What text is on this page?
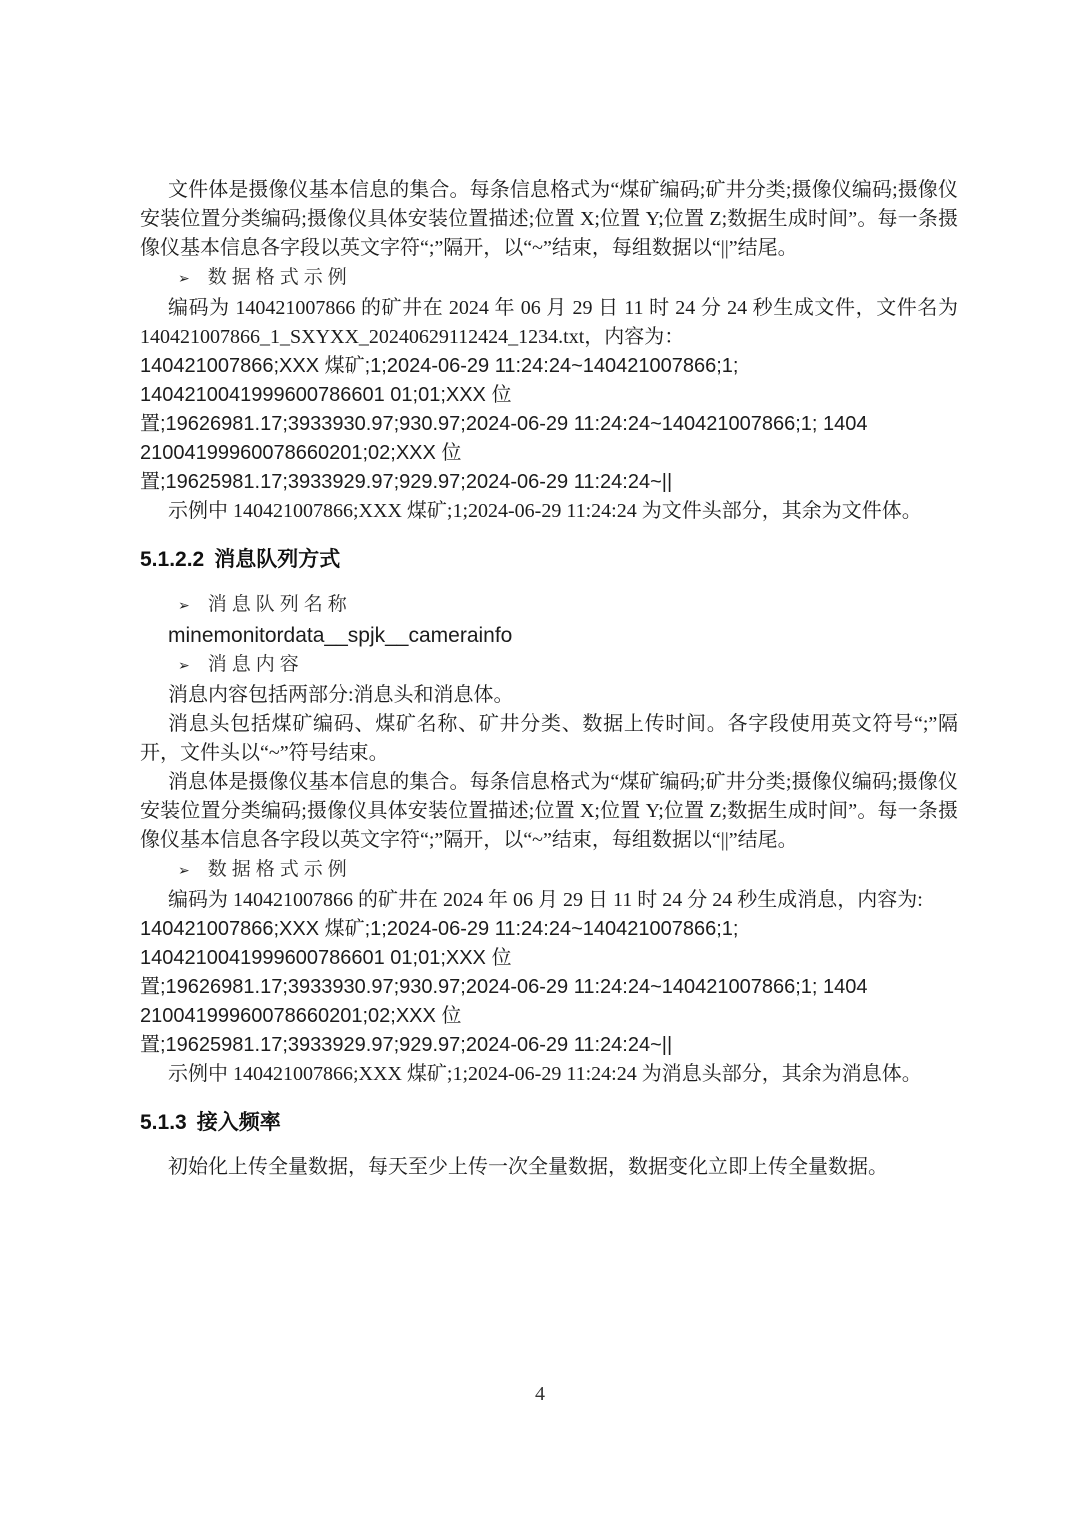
文件体是摄像仪基本信息的集合。每条信息格式为“煤矿编码;矿井分类;摄像仪编码;摄像仪安装位置分类编码;摄像仪具体安装位置描述;位置 X;位置 Y;位置 Z;数据生成时间”。每一条摄像仪基本信息各字段以英文字符“;”隔开，以“~”结束，每组数据以“||”结尾。

➢ 数据格式示例

编码为 140421007866 的矿井在 2024 年 06 月 29 日 11 时 24 分 24 秒生成文件，文件名为 140421007866_1_SXYXX_20240629112424_1234.txt，内容为：

140421007866;XXX 煤矿;1;2024-06-29 11:24:24~140421007866;1;
1404210041999600786601 01;01;XXX 位
置;19626981.17;3933930.97;930.97;2024-06-29 11:24:24~140421007866;1; 1404
21004199960078660201;02;XXX 位
置;19625981.17;3933929.97;929.97;2024-06-29 11:24:24~||

示例中 140421007866;XXX 煤矿;1;2024-06-29 11:24:24 为文件头部分，其余为文件体。

5.1.2.2 消息队列方式
➢ 消息队列名称
minemonitordata__spjk__camerainfo
➢ 消息内容

消息内容包括两部分:消息头和消息体。

消息头包括煤矿编码、煤矿名称、矿井分类、数据上传时间。各字段使用英文符号“;”隔开，文件头以“~”符号结束。

消息体是摄像仪基本信息的集合。每条信息格式为“煤矿编码;矿井分类;摄像仪编码;摄像仪安装位置分类编码;摄像仪具体安装位置描述;位置 X;位置 Y;位置 Z;数据生成时间”。每一条摄像仪基本信息各字段以英文字符“;”隔开，以“~”结束，每组数据以“||”结尾。

➢ 数据格式示例

编码为 140421007866 的矿井在 2024 年 06 月 29 日 11 时 24 分 24 秒生成消息，内容为:

140421007866;XXX 煤矿;1;2024-06-29 11:24:24~140421007866;1;
1404210041999600786601 01;01;XXX 位
置;19626981.17;3933930.97;930.97;2024-06-29 11:24:24~140421007866;1; 1404
21004199960078660201;02;XXX 位
置;19625981.17;3933929.97;929.97;2024-06-29 11:24:24~||

示例中 140421007866;XXX 煤矿;1;2024-06-29 11:24:24 为消息头部分，其余为消息体。

5.1.3 接入频率

初始化上传全量数据，每天至少上传一次全量数据，数据变化立即上传全量数据。

4
